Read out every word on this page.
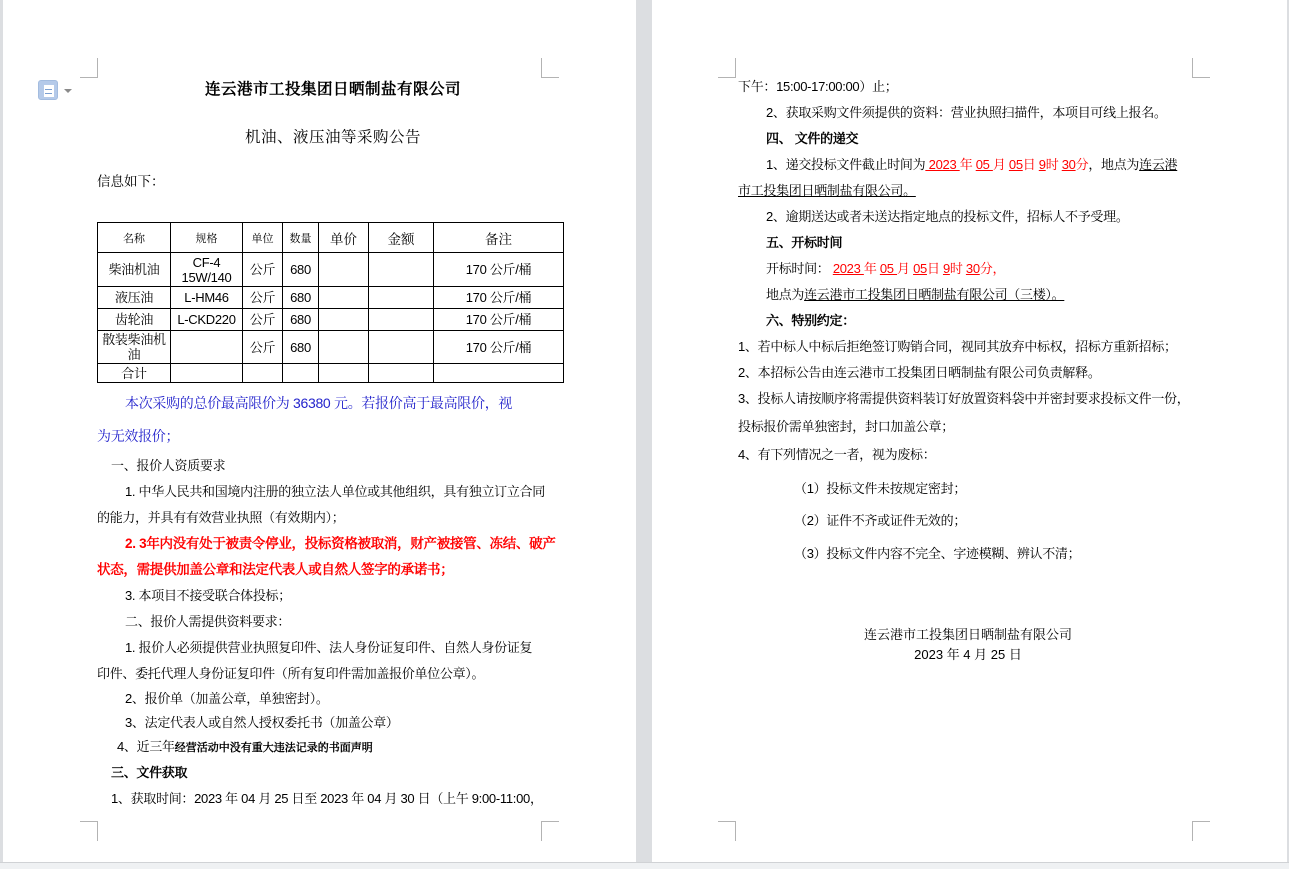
连云港市工投集团日晒制盐有限公司
机油、液压油等采购公告
信息如下：
名称	规格	单位	数量	单价	金额	备注
柴油机油	CF-4 15W/140	公斤	680			170 公斤/桶
液压油	L-HM46	公斤	680			170 公斤/桶
齿轮油	L-CKD220	公斤	680			170 公斤/桶
散装柴油机油		公斤	680			170 公斤/桶
合计						
本次采购的总价最高限价为 36380 元。若报价高于最高限价，视
为无效报价；
一、报价人资质要求
1. 中华人民共和国境内注册的独立法人单位或其他组织，具有独立订立合同
的能力，并具有有效营业执照（有效期内）；
2. 3年内没有处于被责令停业，投标资格被取消，财产被接管、冻结、破产
状态，需提供加盖公章和法定代表人或自然人签字的承诺书；
3. 本项目不接受联合体投标；
二、报价人需提供资料要求：
1. 报价人必须提供营业执照复印件、法人身份证复印件、自然人身份证复
印件、委托代理人身份证复印件（所有复印件需加盖报价单位公章）。
2、报价单（加盖公章，单独密封）。
3、法定代表人或自然人授权委托书（加盖公章）
4、近三年经营活动中没有重大违法记录的书面声明
三、文件获取
1、获取时间：2023 年 04 月 25 日至 2023 年 04 月 30 日（上午 9:00-11:00，
下午：15:00-17:00:00）止；
2、获取采购文件须提供的资料：营业执照扫描件，本项目可线上报名。
四、 文件的递交
1、递交投标文件截止时间为 2023 年 05 月 05日 9时 30分，地点为连云港
市工投集团日晒制盐有限公司。
2、逾期送达或者未送达指定地点的投标文件，招标人不予受理。
五、开标时间
开标时间： 2023 年 05 月 05日 9时 30分，
地点为连云港市工投集团日晒制盐有限公司（三楼）。
六、特别约定：
1、若中标人中标后拒绝签订购销合同，视同其放弃中标权，招标方重新招标；
2、本招标公告由连云港市工投集团日晒制盐有限公司负责解释。
3、投标人请按顺序将需提供资料装订好放置资料袋中并密封要求投标文件一份，
投标报价需单独密封，封口加盖公章；
4、有下列情况之一者，视为废标：
（1）投标文件未按规定密封；
（2）证件不齐或证件无效的；
（3）投标文件内容不完全、字迹模糊、辨认不清；
连云港市工投集团日晒制盐有限公司
2023 年 4 月 25 日
